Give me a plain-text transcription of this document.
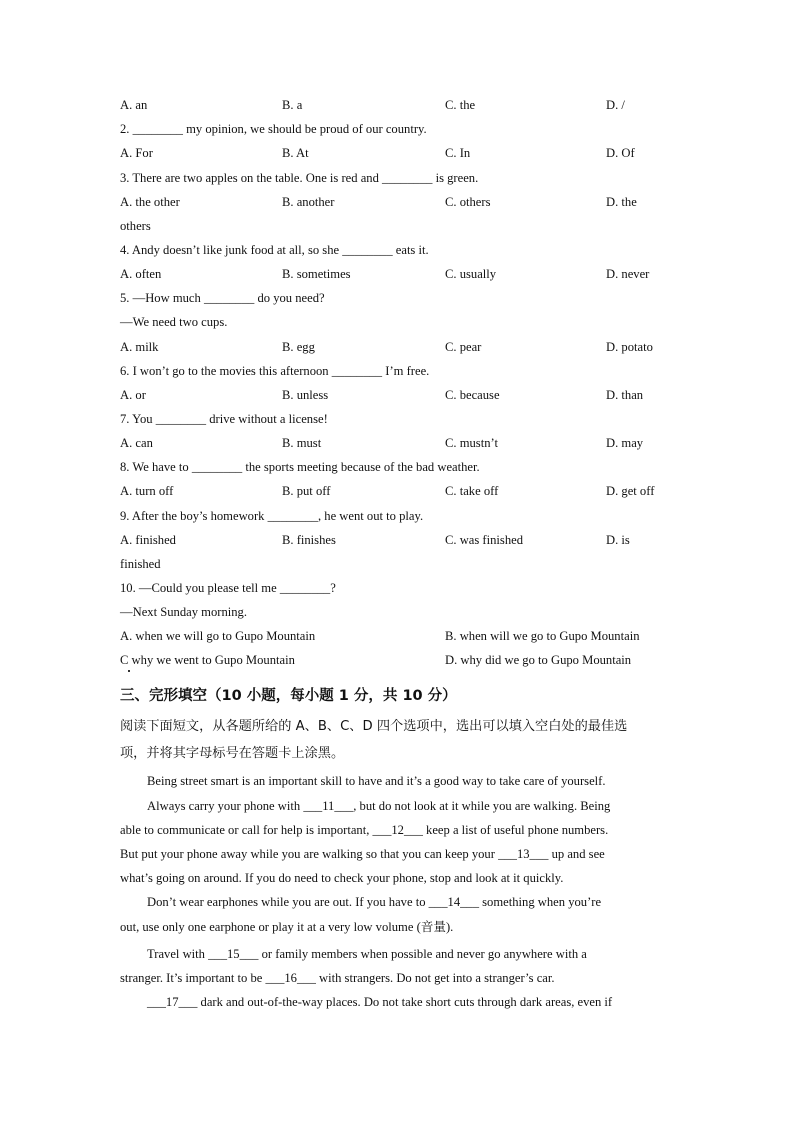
A. an	B. a	C. the	D. /
2. ________ my opinion, we should be proud of our country.
A. For	B. At	C. In	D. Of
3. There are two apples on the table. One is red and ________ is green.
A. the other	B. another	C. others	D. the
others
4. Andy doesn’t like junk food at all, so she ________ eats it.
A. often	B. sometimes	C. usually	D. never
5. —How much ________ do you need?
—We need two cups.
A. milk	B. egg	C. pear	D. potato
6. I won’t go to the movies this afternoon ________ I’m free.
A. or	B. unless	C. because	D. than
7. You ________ drive without a license!
A. can	B. must	C. mustn’t	D. may
8. We have to ________ the sports meeting because of the bad weather.
A. turn off	B. put off	C. take off	D. get off
9. After the boy’s homework ________, he went out to play.
A. finished	B. finishes	C. was finished	D. is
finished
10. —Could you please tell me ________?
—Next Sunday morning.
A. when we will go to Gupo Mountain	B. when will we go to Gupo Mountain
C why we went to Gupo Mountain	D. why did we go to Gupo Mountain
三、完形填空（10 小题，每小题 1 分，共 10 分）
阅读下面短文，从各题所给的 A、B、C、D 四个选项中，选出可以填入空白处的最佳选
项，并将其字母标号在答题卡上涂黑。
Being street smart is an important skill to have and it’s a good way to take care of yourself.
Always carry your phone with ___11___, but do not look at it while you are walking. Being
able to communicate or call for help is important, ___12___ keep a list of useful phone numbers.
But put your phone away while you are walking so that you can keep your ___13___ up and see
what’s going on around. If you do need to check your phone, stop and look at it quickly.
Don’t wear earphones while you are out. If you have to ___14___ something when you’re
out, use only one earphone or play it at a very low volume (音量).
Travel with ___15___ or family members when possible and never go anywhere with a
stranger. It’s important to be ___16___ with strangers. Do not get into a stranger’s car.
___17___ dark and out-of-the-way places. Do not take short cuts through dark areas, even if
